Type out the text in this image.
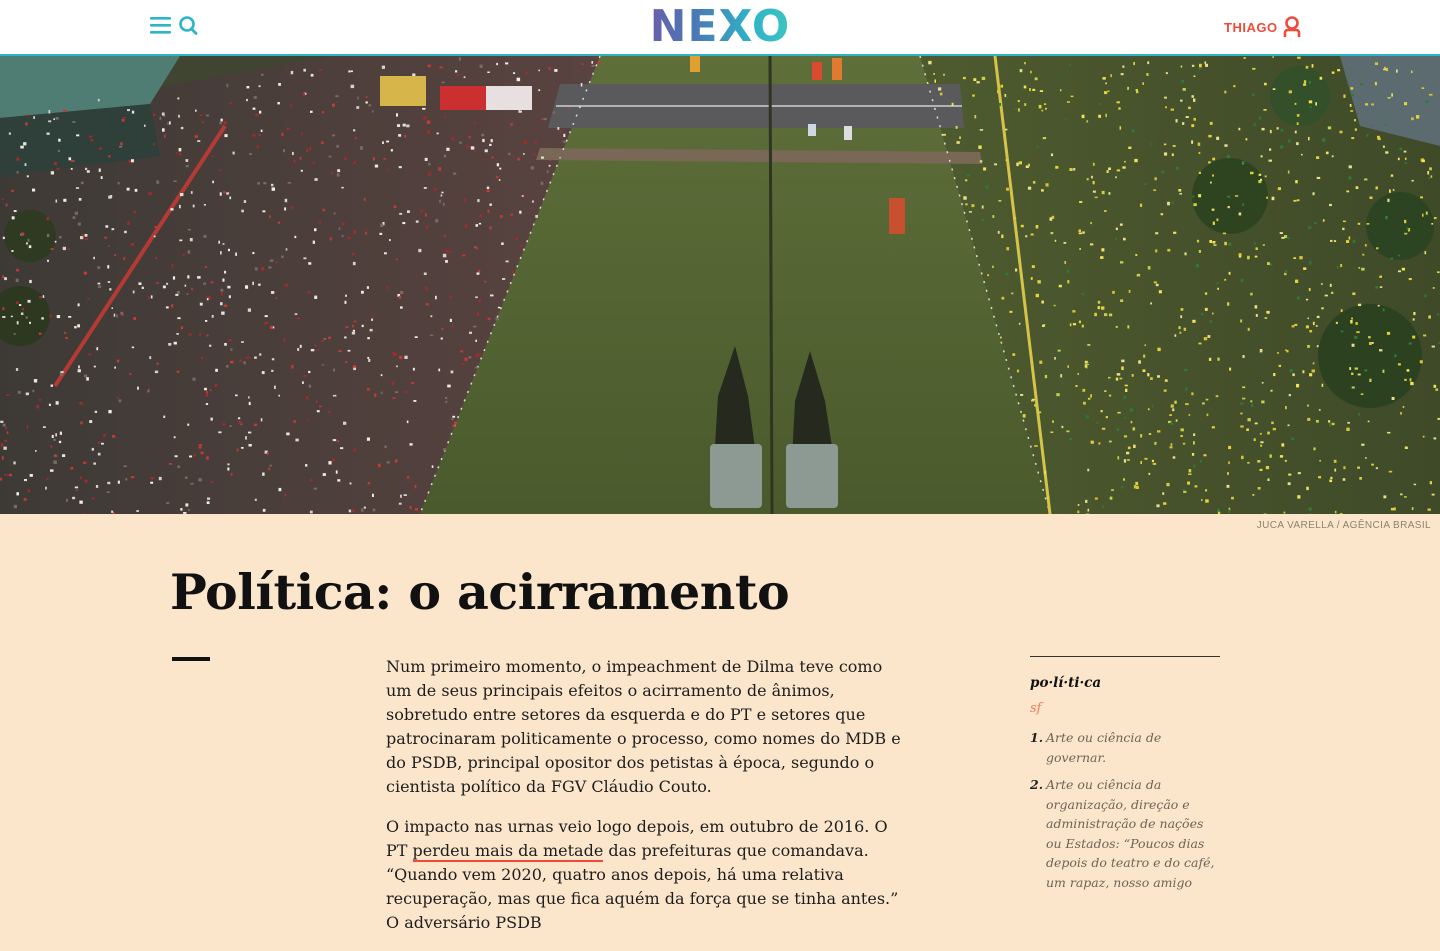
NEXO	THIAGO
JUCA VARELLA / AGÊNCIA BRASIL
Política: o acirramento

Num primeiro momento, o impeachment de Dilma teve como um de seus principais efeitos o acirramento de ânimos, sobretudo entre setores da esquerda e do PT e setores que patrocinaram politicamente o processo, como nomes do MDB e do PSDB, principal opositor dos petistas à época, segundo o cientista político da FGV Cláudio Couto.

O impacto nas urnas veio logo depois, em outubro de 2016. O PT perdeu mais da metade das prefeituras que comandava. “Quando vem 2020, quatro anos depois, há uma relativa recuperação, mas que fica aquém da força que se tinha antes.” O adversário PSDB

po·lí·ti·ca

sf

1. Arte ou ciência de governar.
2. Arte ou ciência da organização, direção e administração de nações ou Estados: “Poucos dias depois do teatro e do café, um rapaz, nosso amigo
